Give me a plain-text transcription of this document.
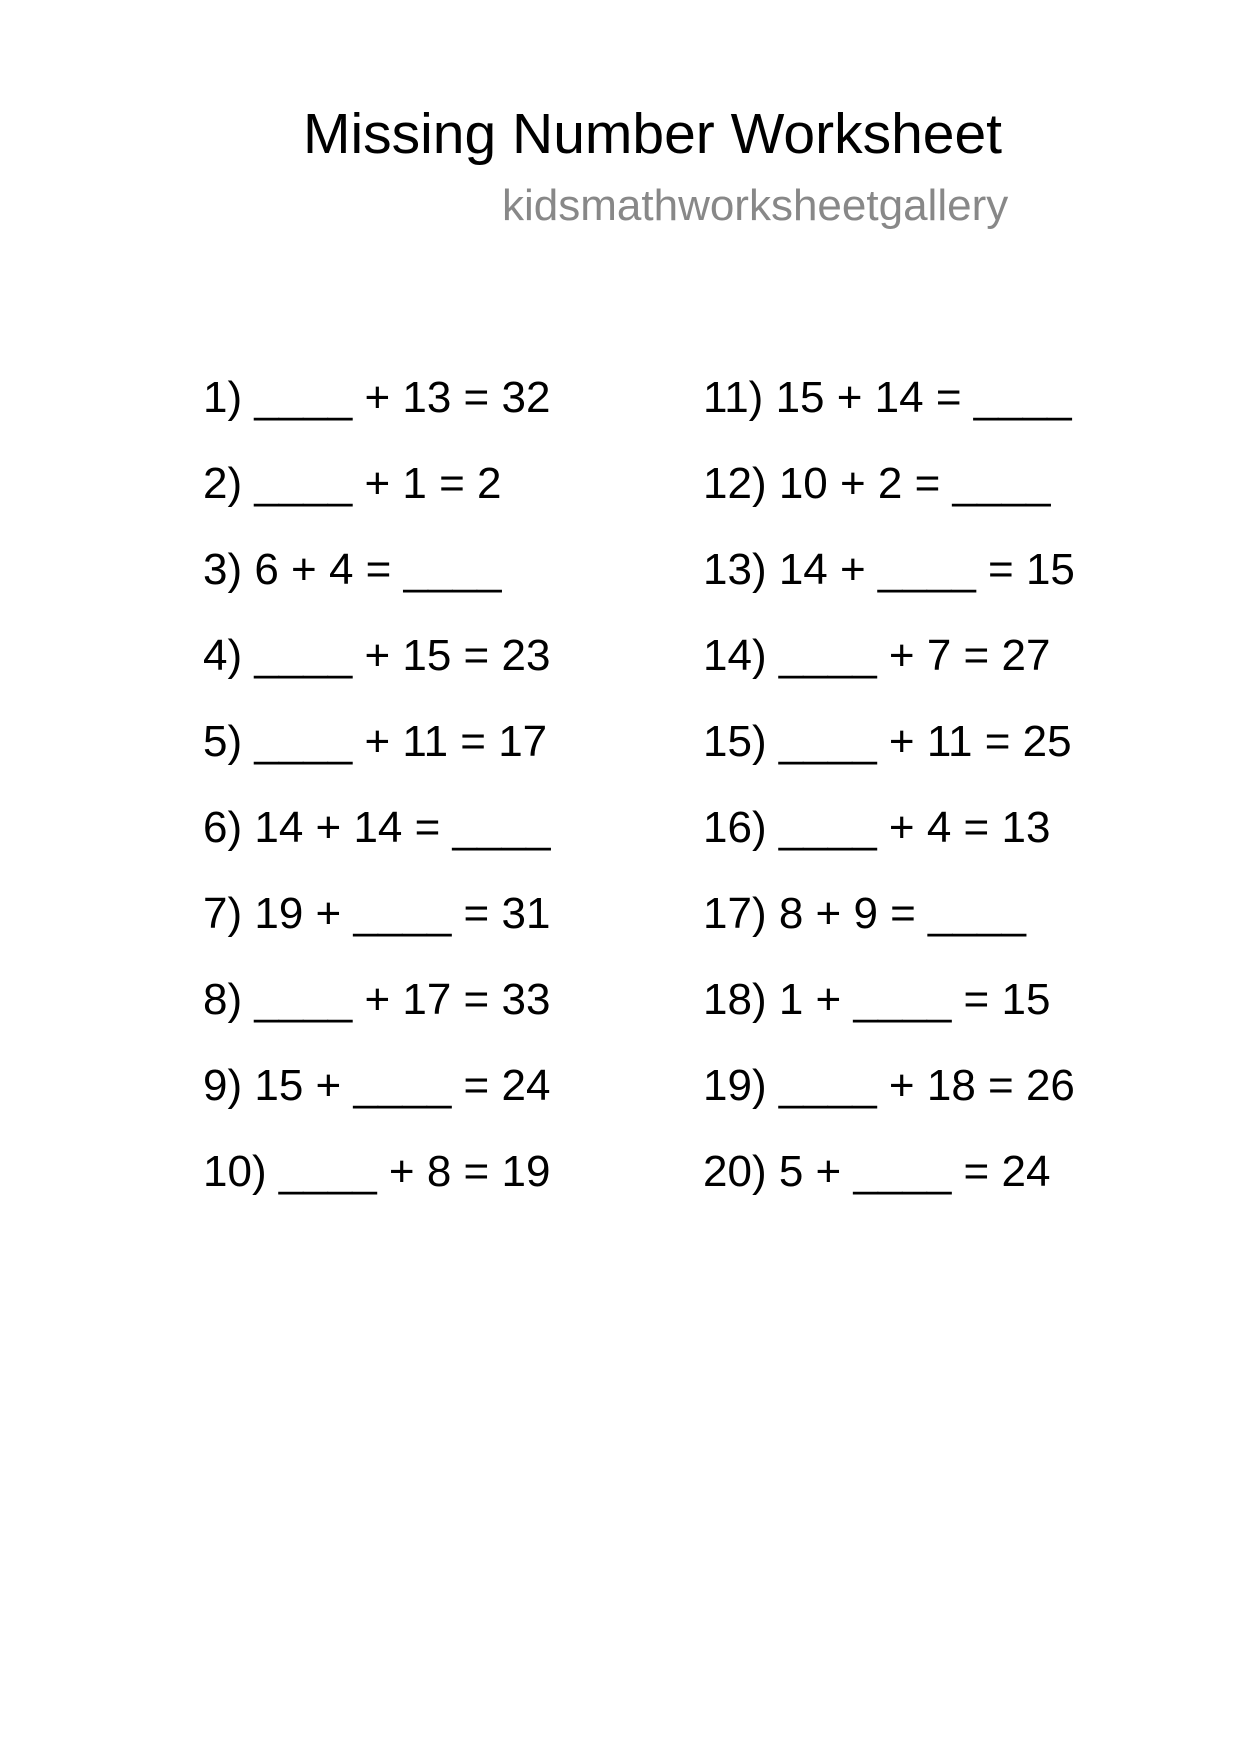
Missing Number Worksheet
kidsmathworksheetgallery
1) ____ + 13 = 32
2) ____ + 1 = 2
3) 6 + 4 = ____
4) ____ + 15 = 23
5) ____ + 11 = 17
6) 14 + 14 = ____
7) 19 + ____ = 31
8) ____ + 17 = 33
9) 15 + ____ = 24
10) ____ + 8 = 19
11) 15 + 14 = ____
12) 10 + 2 = ____
13) 14 + ____ = 15
14) ____ + 7 = 27
15) ____ + 11 = 25
16) ____ + 4 = 13
17) 8 + 9 = ____
18) 1 + ____ = 15
19) ____ + 18 = 26
20) 5 + ____ = 24
